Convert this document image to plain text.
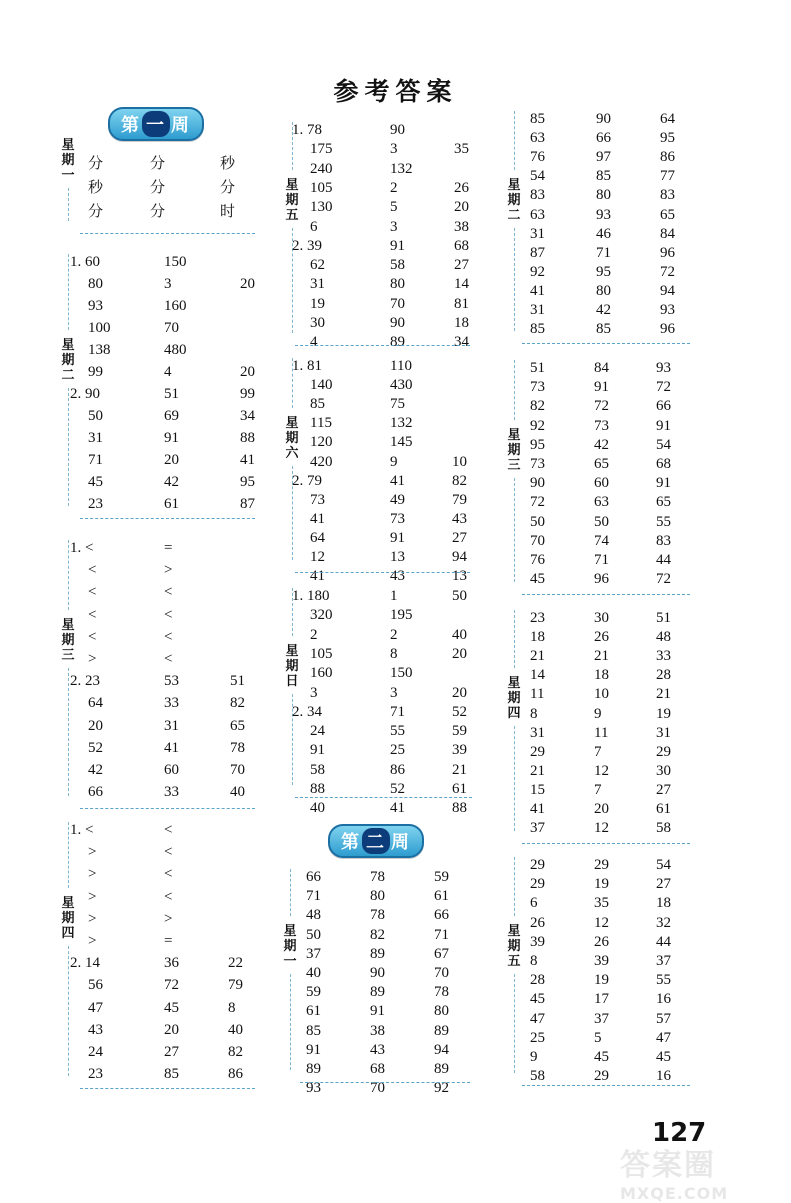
参考答案
第 一 周
第 二 周
星
期
一
分	分	秒
秒	分	分
分	分	时
星
期
二
1. 60	150
80	3	20
93	160
100	70
138	480
99	4	20
2. 90	51	99
50	69	34
31	91	88
71	20	41
45	42	95
23	61	87
星
期
三
1. <	=
<	>
<	<
<	<
<	<
>	<
2. 23	53	51
64	33	82
20	31	65
52	41	78
42	60	70
66	33	40
星
期
四
1. <	<
>	<
>	<
>	<
>	>
>	=
2. 14	36	22
56	72	79
47	45	8
43	20	40
24	27	82
23	85	86
星
期
五
1. 78	90
175	3	35
240	132
105	2	26
130	5	20
6	3	38
2. 39	91	68
62	58	27
31	80	14
19	70	81
30	90	18
4	89	34
星
期
六
1. 81	110
140	430
85	75
115	132
120	145
420	9	10
2. 79	41	82
73	49	79
41	73	43
64	91	27
12	13	94
41	43	13
星
期
日
1. 180	1	50
320	195
2	2	40
105	8	20
160	150
3	3	20
2. 34	71	52
24	55	59
91	25	39
58	86	21
88	52	61
40	41	88
星
期
一
66	78	59
71	80	61
48	78	66
50	82	71
37	89	67
40	90	70
59	89	78
61	91	80
85	38	89
91	43	94
89	68	89
93	70	92
星
期
二
85	90	64
63	66	95
76	97	86
54	85	77
83	80	83
63	93	65
31	46	84
87	71	96
92	95	72
41	80	94
31	42	93
85	85	96
星
期
三
51	84	93
73	91	72
82	72	66
92	73	91
95	42	54
73	65	68
90	60	91
72	63	65
50	50	55
70	74	83
76	71	44
45	96	72
星
期
四
23	30	51
18	26	48
21	21	33
14	18	28
11	10	21
8	9	19
31	11	31
29	7	29
21	12	30
15	7	27
41	20	61
37	12	58
星
期
五
29	29	54
29	19	27
6	35	18
26	12	32
39	26	44
8	39	37
28	19	55
45	17	16
47	37	57
25	5	47
9	45	45
58	29	16
127
答案圈
MXQE.COM
